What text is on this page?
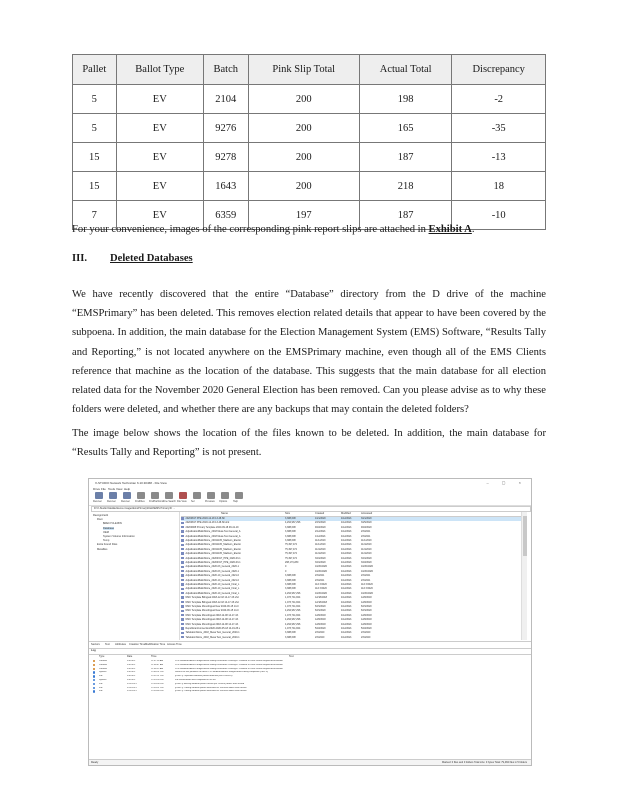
Pallet	Ballot Type	Batch	Pink Slip Total	Actual Total	Discrepancy
5	EV	2104	200	198	-2
5	EV	9276	200	165	-35
15	EV	9278	200	187	-13
15	EV	1643	200	218	18
7	EV	6359	197	187	-10

For your convenience, images of the corresponding pink report slips are attached in Exhibit A.

III. Deleted Databases

We have recently discovered that the entire “Database” directory from the D drive of the machine “EMSPrimary” has been deleted. This removes election related details that appear to have been covered by the subpoena. In addition, the main database for the Election Management System (EMS) Software, “Results Tally and Reporting,” is not located anywhere on the EMSPrimary machine, even though all of the EMS Clients reference that machine as the location of the database. This suggests that the main database for all election related data for the November 2020 General Election has been removed. Can you please advise as to why these folders were deleted, and whether there are any backups that may contain the deleted folders?

The image below shows the location of the files known to be deleted. In addition, the main database for “Results Tally and Reporting” is not present.

X-STUDIO Network Technician 6.10.30468 - File View	– ▢ ×
Drive File Tools View Help
Recover Recover Recover FindFiles FindPartitions Fine Search File View Sel	Previews Options Help
D:\X-Studio Data\Evidence images\EmsPrimary\Disk0\EMS Primary\D: ...
Recognized1
Root
$RECYCLE.BIN
Database
OEM
System Volume Information
Temp
Extra Found Files
Metafiles
Name	Size	Created	Modified	Accessed
20200817 PPE 2018-12-18 13-48.SF	3,388,608	1/21/2020	4/12/2021	3/21/2020
20200817 PPE 2018-12-18 13-48.SF.shd	4,294,967,296	2/15/2020	4/12/2021	3/25/2020
20200908 Primary Template 2020-09-18 09-41-19	3,388,608	9/18/2020	4/12/2021	9/18/2020
AdjudicationBallotStore_2018 Mesa Test General_A	3,388,608	2/12/2021	4/12/2021	2/3/2021
AdjudicationBallotStore_2018 Mesa Test General_A	3,388,608	1/12/2021	4/12/2021	2/3/2021
AdjudicationBallotStore_20191105_Madison_Electio	3,388,608	11/1/2019	4/12/2021	11/1/2019
AdjudicationBallotStore_20191105_Madison_Electio	75,497,472	11/1/2019	4/12/2021	11/4/2019
AdjudicationBallotStore_20191105_Madison_Electio	75,497,472	11/4/2019	4/12/2021	11/4/2019
AdjudicationBallotStore_20191105_Madison_Electio	75,497,472	11/4/2019	4/12/2021	11/4/2019
AdjudicationBallotStore_20200317_PPE_2020-03-1	75,497,472	3/16/2020	4/12/2021	3/16/2020
AdjudicationBallotStore_20200317_PPE_2020-03-1	268,173,280	3/16/2020	4/12/2021	3/18/2020
AdjudicationBallotStore_2020-03_General_2020-1	0	10/20/2020	4/12/2021	10/20/2020
AdjudicationBallotStore_2020-03_General_2020-1	0	10/20/2020	4/12/2021	10/20/2020
AdjudicationBallotStore_2020-10_General_2021-0	3,388,608	2/3/2021	4/12/2021	2/3/2021
AdjudicationBallotStore_2020-10_General_2021-0	3,388,608	2/3/2021	4/12/2021	2/3/2021
AdjudicationBallotStore_2020-10_General_Final_L	3,388,608	11/17/2020	4/12/2021	11/17/2020
AdjudicationBallotStore_2020-10_General_Final_L	3,388,608	11/17/2020	4/12/2021	11/17/2020
AdjudicationBallotStore_2020-10_General_Final_L	4,294,967,296	10/20/2020	4/12/2021	10/20/2020
NMC Template Bilingual 2018-12-18 14-17-15.shd	1,073,741,824	12/18/2018	4/12/2021	12/8/2018
NMC Template Bilingual 2018-12-18 14-17-15.shd	1,073,741,824	12/18/2018	4/12/2021	12/8/2018
NMC Template Monolingual New 2020-06-15 14-0	1,073,741,824	6/15/2020	4/12/2021	6/15/2020
NMC Template Monolingual New 2020-06-15 14-0	4,294,967,296	6/15/2020	4/12/2021	6/15/2020
NMC Template Monolingual 2018-12-08 14-17-43.	1,073,741,824	12/8/2018	4/12/2021	12/8/2018
NMC Template Monolingual 2018-12-08 14-17-43.	4,294,967,296	12/8/2018	4/12/2021	12/8/2018
NMC Template Monolingual 2018-12-08 14-17-43.	4,294,967,296	12/8/2018	4/12/2021	12/8/2018
RepublicanConnection2020-2020-05-18 14-19-25.s	1,073,741,824	5/18/2020	4/12/2021	5/18/2020
TabulationStore_2018_Mesa Test_General_2020-1	3,388,608	2/3/2020	4/12/2021	2/3/2020
TabulationStore_2018_Mesa Test_General_2020-1	3,388,608	2/3/2020	4/12/2021	2/3/2020
Sectors Text Attributes Creation Time Modification Time Access Time
Log
Type	Date	Time	Text
Partition	3/9/2021	11:37:28 AM	D:\X-Studio\Evidence Images\EmsPrimary\Disk0\EMS Primary\D: Partition at 2048 sectors beyond disk bounds
Partition	3/9/2021	11:38:07 AM	D:\X-Studio\Evidence Images\EmsPrimary\Disk0\EMS Primary\D: Partition at 2048 sectors beyond disk bounds
Partition	3/9/2021	11:38:22 AM	D:\X-Studio\Evidence Images\EmsPrimary\Disk0\EMS Primary\D: Partition at 2048 sectors beyond disk bounds
System	3/9/2021	12:48:31 PM	Search for lost partitions on drive D:\X-Studio\Evidence Images\EmsPrimary completed (Lost: 0)
File	3/9/2021	12:52:07 PM	[Drive 1] Orphaned attribute parent detected (Ref 1050041)
System	3/9/2021	12:53:34 PM	File enumeration was completed in 48 sec
File	3/10/2021	12:54:04 PM	[Drive 1] Missing attribute parent record (ref 105000) differs from record
File	3/10/2021	12:54:07 PM	[Drive 1] Closing attribute parent allocated ref 1050044 differs from record
File	3/10/2021	12:54:48 PM	[Drive 1] Closing attribute parent allocated ref 1050045 differs from record
Ready	Marked: 0 files and 0 folders Total size: 0 bytes Total: 79,484 files in 5 folders
